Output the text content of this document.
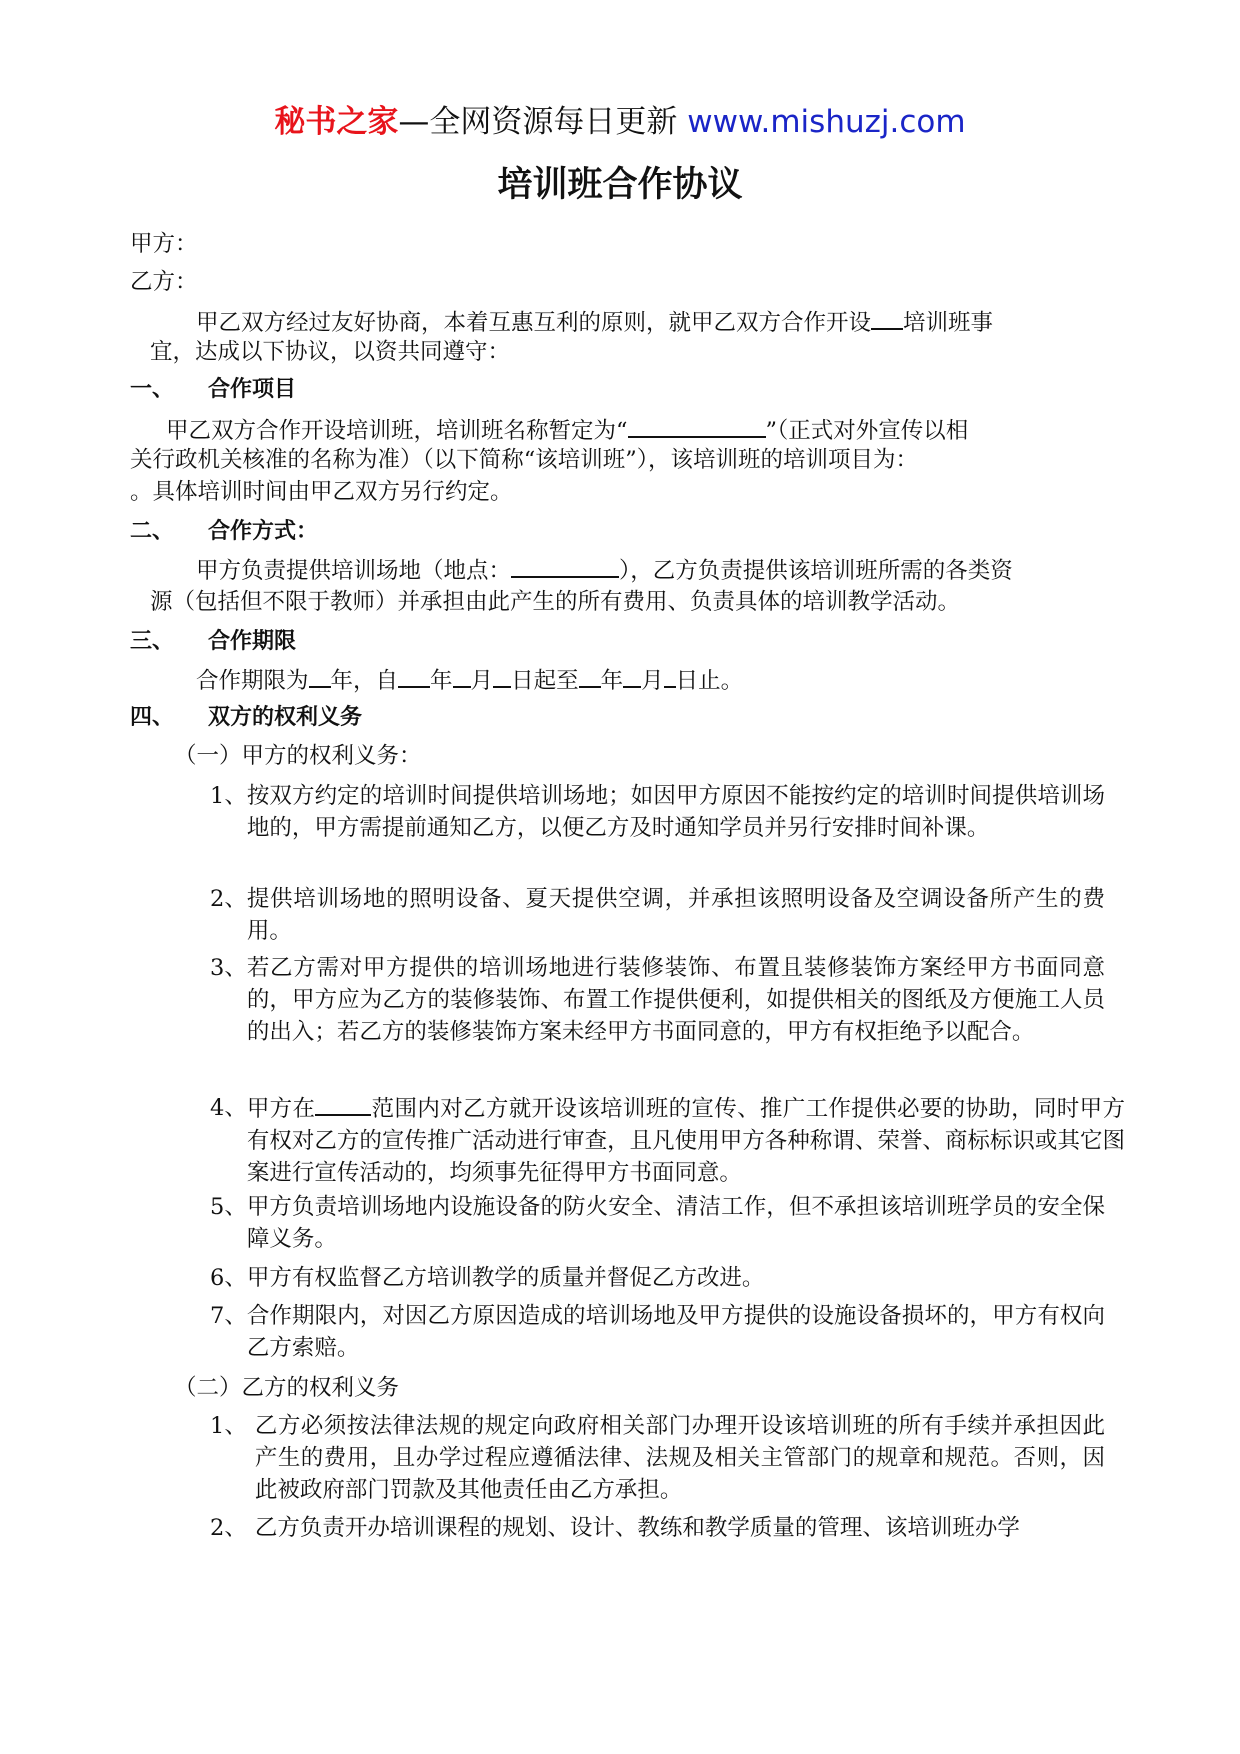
秘书之家—全网资源每日更新 www.mishuzj.com
培训班合作协议
甲方：
乙方：
甲乙双方经过友好协商，本着互惠互利的原则，就甲乙双方合作开设 培训班事
宜，达成以下协议，以资共同遵守：
一、 合作项目
甲乙双方合作开设培训班，培训班名称暂定为“	”（正式对外宣传以相
关行政机关核准的名称为准）（以下简称“该培训班”），该培训班的培训项目为：
。具体培训时间由甲乙双方另行约定。
二、 合作方式：
甲方负责提供培训场地（地点：	），乙方负责提供该培训班所需的各类资
源（包括但不限于教师）并承担由此产生的所有费用、负责具体的培训教学活动。
三、 合作期限
合作期限为 年，自 年 月 日起至 年 月 日止。
四、 双方的权利义务
（一）甲方的权利义务：
1、 按双方约定的培训时间提供培训场地；如因甲方原因不能按约定的培训时间提供培训场地的，甲方需提前通知乙方，以便乙方及时通知学员并另行安排时间补课。
2、 提供培训场地的照明设备、夏天提供空调，并承担该照明设备及空调设备所产生的费用。
3、 若乙方需对甲方提供的培训场地进行装修装饰、布置且装修装饰方案经甲方书面同意的，甲方应为乙方的装修装饰、布置工作提供便利，如提供相关的图纸及方便施工人员的出入；若乙方的装修装饰方案未经甲方书面同意的，甲方有权拒绝予以配合。
4、 甲方在 范围内对乙方就开设该培训班的宣传、推广工作提供必要的协助，同时甲方有权对乙方的宣传推广活动进行审查，且凡使用甲方各种称谓、荣誉、商标标识或其它图案进行宣传活动的，均须事先征得甲方书面同意。
5、 甲方负责培训场地内设施设备的防火安全、清洁工作，但不承担该培训班学员的安全保障义务。
6、 甲方有权监督乙方培训教学的质量并督促乙方改进。
7、 合作期限内，对因乙方原因造成的培训场地及甲方提供的设施设备损坏的，甲方有权向乙方索赔。
（二）乙方的权利义务
1、 乙方必须按法律法规的规定向政府相关部门办理开设该培训班的所有手续并承担因此产生的费用，且办学过程应遵循法律、法规及相关主管部门的规章和规范。否则，因此被政府部门罚款及其他责任由乙方承担。
2、 乙方负责开办培训课程的规划、设计、教练和教学质量的管理、该培训班办学
